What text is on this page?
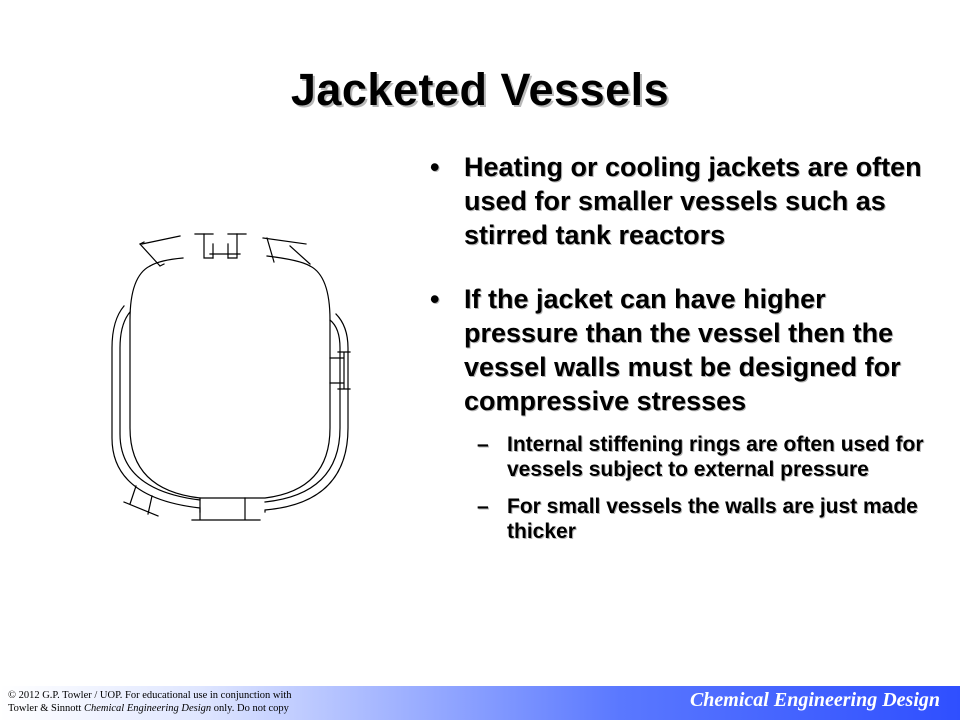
Jacketed Vessels
• Heating or cooling jackets are often used for smaller vessels such as stirred tank reactors
• If the jacket can have higher pressure than the vessel then the vessel walls must be designed for compressive stresses
– Internal stiffening rings are often used for vessels subject to external pressure
– For small vessels the walls are just made thicker
© 2012 G.P. Towler / UOP. For educational use in conjunction with
Towler & Sinnott Chemical Engineering Design only. Do not copy	Chemical Engineering Design
